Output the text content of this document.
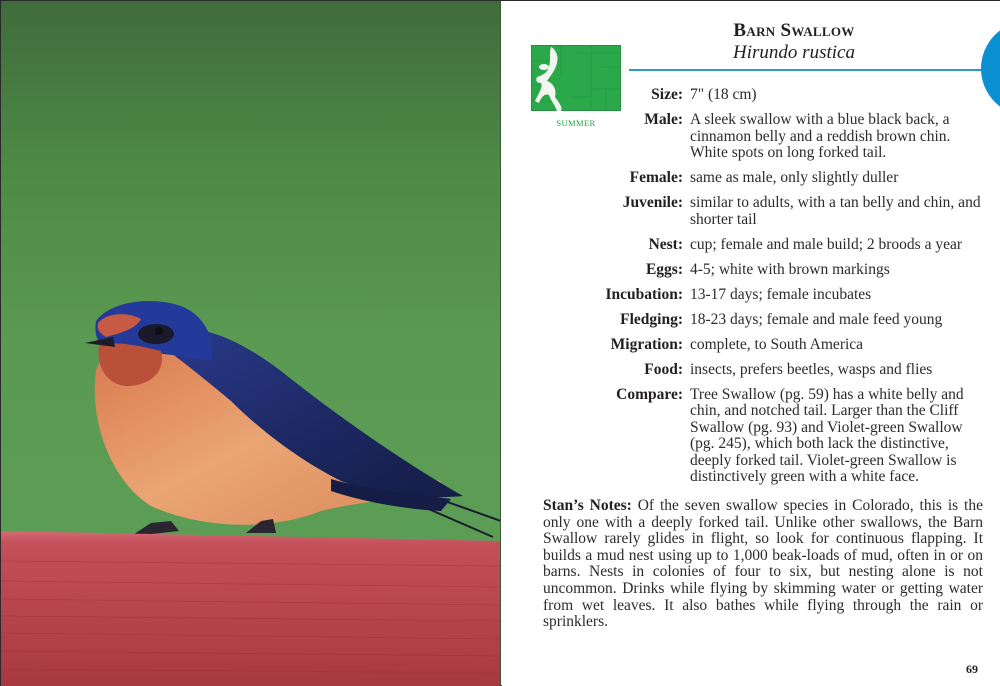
SUMMER
Barn Swallow
Hirundo rustica
Size: 7" (18 cm)
Male: A sleek swallow with a blue black back, a cinnamon belly and a reddish brown chin. White spots on long forked tail.
Female: same as male, only slightly duller
Juvenile: similar to adults, with a tan belly and chin, and shorter tail
Nest: cup; female and male build; 2 broods a year
Eggs: 4-5; white with brown markings
Incubation: 13-17 days; female incubates
Fledging: 18-23 days; female and male feed young
Migration: complete, to South America
Food: insects, prefers beetles, wasps and flies
Compare: Tree Swallow (pg. 59) has a white belly and chin, and notched tail. Larger than the Cliff Swallow (pg. 93) and Violet-green Swallow (pg. 245), which both lack the distinctive, deeply forked tail. Violet-green Swallow is distinctively green with a white face.
Stan’s Notes: Of the seven swallow species in Colorado, this is the only one with a deeply forked tail. Unlike other swallows, the Barn Swallow rarely glides in flight, so look for continuous flapping. It builds a mud nest using up to 1,000 beak-loads of mud, often in or on barns. Nests in colonies of four to six, but nesting alone is not uncommon. Drinks while flying by skimming water or getting water from wet leaves. It also bathes while flying through the rain or sprinklers.
69
